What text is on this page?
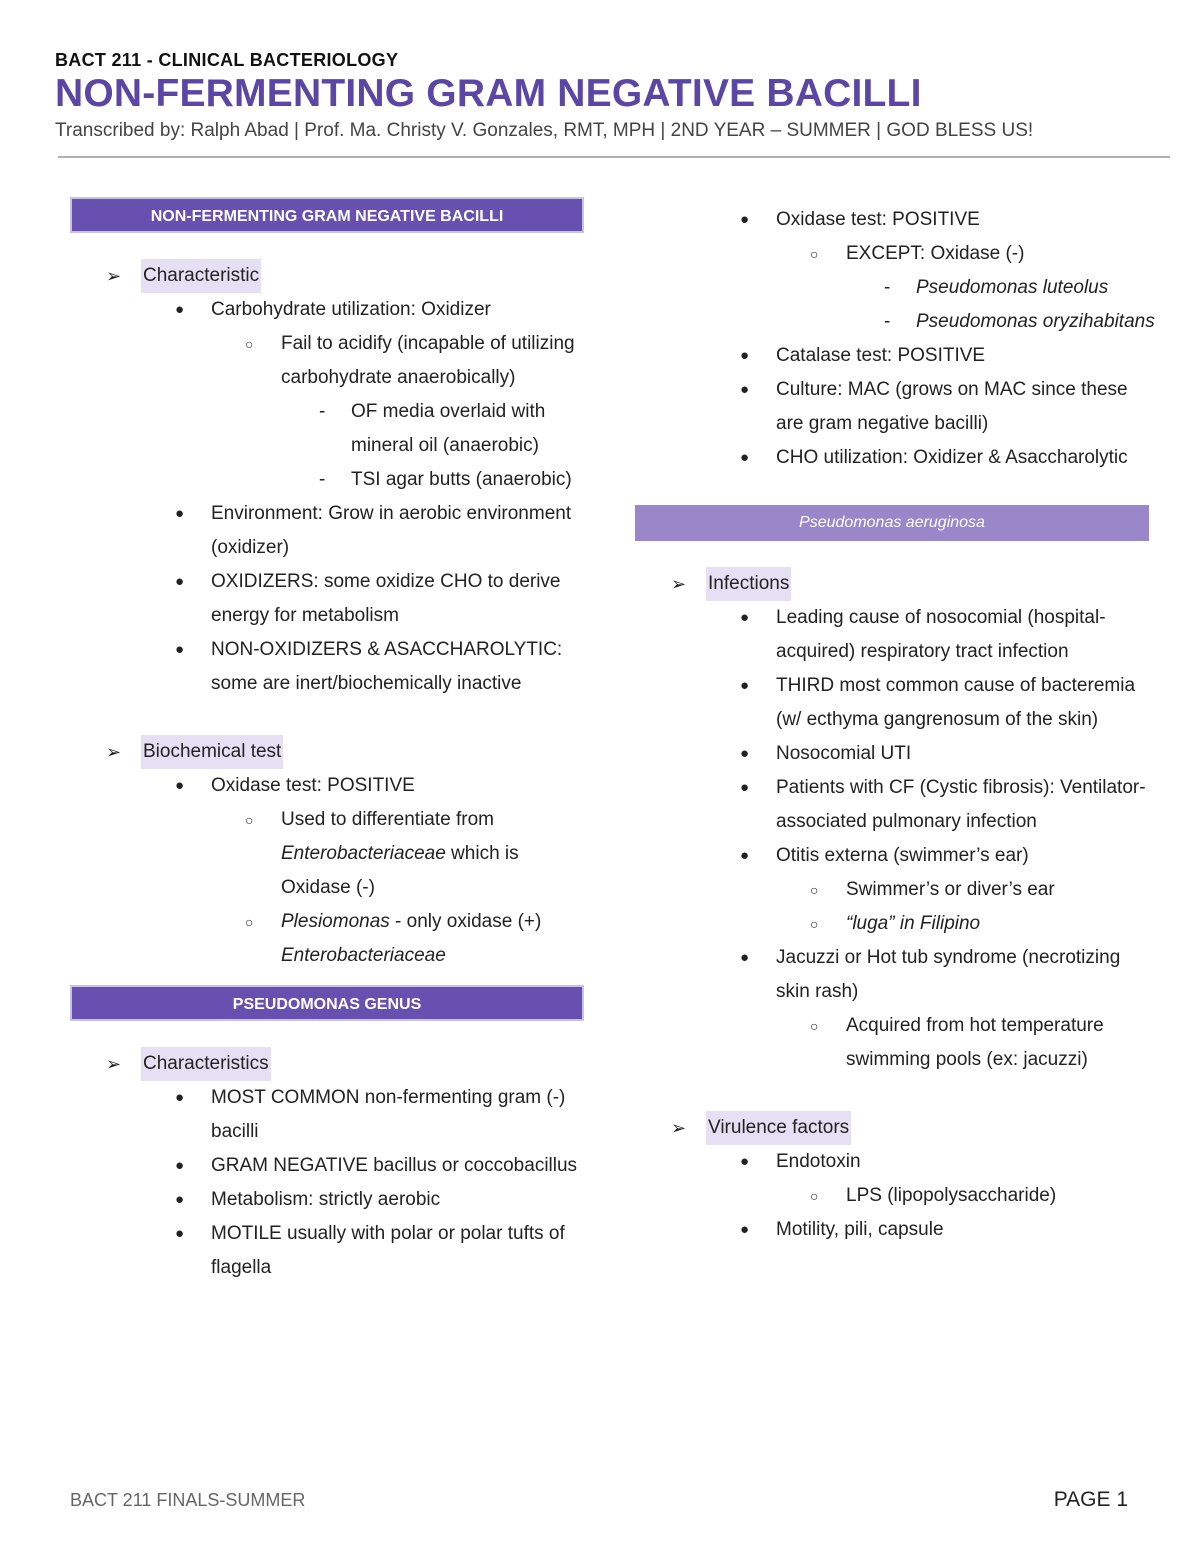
BACT 211 - CLINICAL BACTERIOLOGY
NON-FERMENTING GRAM NEGATIVE BACILLI
Transcribed by: Ralph Abad | Prof. Ma. Christy V. Gonzales, RMT, MPH | 2ND YEAR – SUMMER | GOD BLESS US!
NON-FERMENTING GRAM NEGATIVE BACILLI
➢	Characteristic
●	Carbohydrate utilization: Oxidizer
○	Fail to acidify (incapable of utilizing carbohydrate anaerobically)
-	OF media overlaid with mineral oil (anaerobic)
-	TSI agar butts (anaerobic)
●	Environment: Grow in aerobic environment (oxidizer)
●	OXIDIZERS: some oxidize CHO to derive energy for metabolism
●	NON-OXIDIZERS & ASACCHAROLYTIC: some are inert/biochemically inactive
➢	Biochemical test
●	Oxidase test: POSITIVE
○	Used to differentiate from Enterobacteriaceae which is Oxidase (-)
○	Plesiomonas - only oxidase (+) Enterobacteriaceae
PSEUDOMONAS GENUS
➢	Characteristics
●	MOST COMMON non-fermenting gram (-) bacilli
●	GRAM NEGATIVE bacillus or coccobacillus
●	Metabolism: strictly aerobic
●	MOTILE usually with polar or polar tufts of flagella
●	Oxidase test: POSITIVE
○	EXCEPT: Oxidase (-)
-	Pseudomonas luteolus
-	Pseudomonas oryzihabitans
●	Catalase test: POSITIVE
●	Culture: MAC (grows on MAC since these are gram negative bacilli)
●	CHO utilization: Oxidizer & Asaccharolytic
Pseudomonas aeruginosa
➢	Infections
●	Leading cause of nosocomial (hospital-acquired) respiratory tract infection
●	THIRD most common cause of bacteremia (w/ ecthyma gangrenosum of the skin)
●	Nosocomial UTI
●	Patients with CF (Cystic fibrosis): Ventilator-associated pulmonary infection
●	Otitis externa (swimmer’s ear)
○	Swimmer’s or diver’s ear
○	“luga” in Filipino
●	Jacuzzi or Hot tub syndrome (necrotizing skin rash)
○	Acquired from hot temperature swimming pools (ex: jacuzzi)
➢	Virulence factors
●	Endotoxin
○	LPS (lipopolysaccharide)
●	Motility, pili, capsule
BACT 211 FINALS-SUMMER	PAGE 1
